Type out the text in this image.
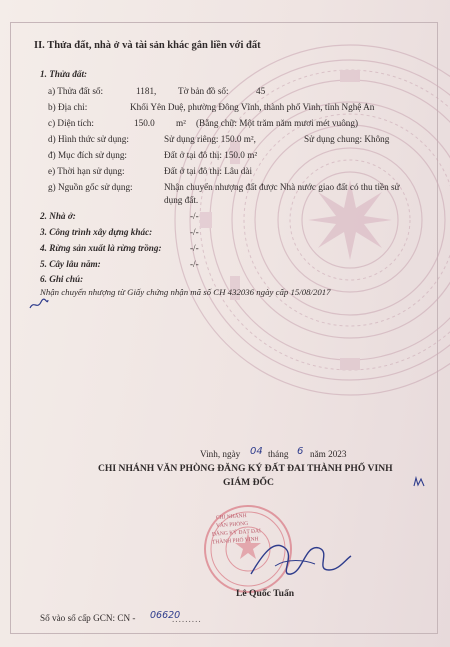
II. Thửa đất, nhà ở và tài sản khác gắn liền với đất
1. Thửa đất:
a) Thửa đất số:	1181, Tờ bản đồ số:	45
b) Địa chỉ:	Khối Yên Duệ, phường Đông Vĩnh, thành phố Vinh, tỉnh Nghệ An
c) Diện tích:	150.0 m² (Bằng chữ: Một trăm năm mươi mét vuông)
d) Hình thức sử dụng:	Sử dụng riêng: 150.0 m²,	Sử dụng chung: Không
đ) Mục đích sử dụng:	Đất ở tại đô thị: 150.0 m²
e) Thời hạn sử dụng:	Đất ở tại đô thị: Lâu dài
g) Nguồn gốc sử dụng:	Nhận chuyển nhượng đất được Nhà nước giao đất có thu tiền sử
dụng đất.
2. Nhà ở:	-/-
3. Công trình xây dựng khác:	-/-
4. Rừng sản xuất là rừng trồng:	-/-
5. Cây lâu năm:	-/-
6. Ghi chú:
Nhận chuyển nhượng từ Giấy chứng nhận mã số CH 432036 ngày cấp 15/08/2017
Vinh, ngày 04 tháng 6 năm 2023
CHI NHÁNH VĂN PHÒNG ĐĂNG KÝ ĐẤT ĐAI THÀNH PHỐ VINH
GIÁM ĐỐC
CHI NHÁNH
VĂN PHÒNG
ĐĂNG KÝ ĐẤT ĐAI
THÀNH PHỐ VINH
Lê Quốc Tuấn
Số vào sổ cấp GCN: CN - 06620
.........
